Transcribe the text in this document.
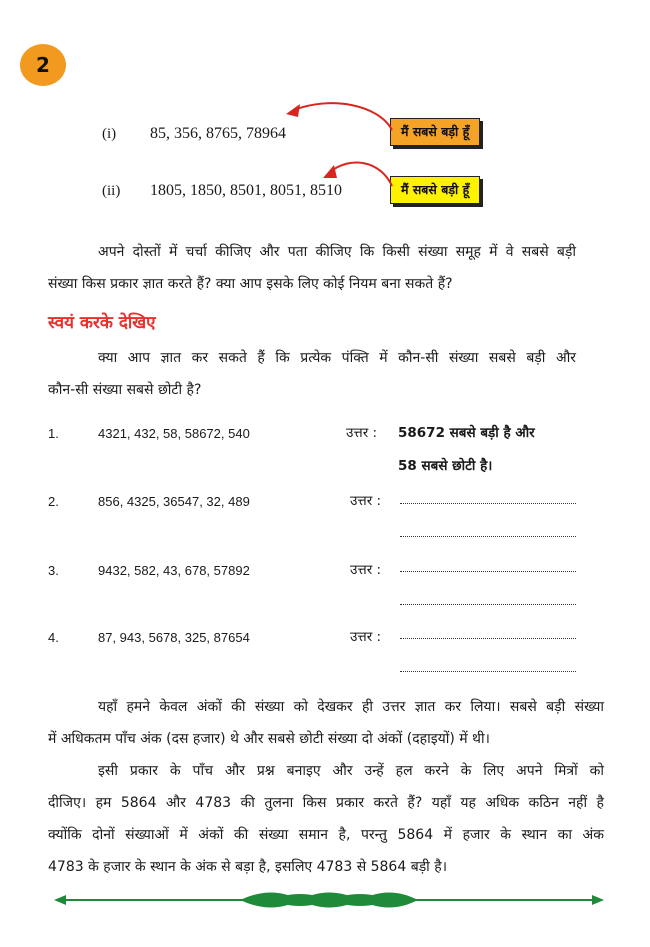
2
(i) 85, 356, 8765, 78964	मैं सबसे बड़ी हूँ
(ii) 1805, 1850, 8501, 8051, 8510	मैं सबसे बड़ी हूँ
अपने दोस्तों में चर्चा कीजिए और पता कीजिए कि किसी संख्या समूह में वे सबसे बड़ी
संख्या किस प्रकार ज्ञात करते हैं? क्या आप इसके लिए कोई नियम बना सकते हैं?
स्वयं करके देखिए
क्या आप ज्ञात कर सकते हैं कि प्रत्येक पंक्ति में कौन-सी संख्या सबसे बड़ी और
कौन-सी संख्या सबसे छोटी है?
1.	4321, 432, 58, 58672, 540	उत्तर : 58672 सबसे बड़ी है और
58 सबसे छोटी है।
2.	856, 4325, 36547, 32, 489	उत्तर :
3.	9432, 582, 43, 678, 57892	उत्तर :
4.	87, 943, 5678, 325, 87654	उत्तर :
यहाँ हमने केवल अंकों की संख्या को देखकर ही उत्तर ज्ञात कर लिया। सबसे बड़ी संख्या
में अधिकतम पाँच अंक (दस हजार) थे और सबसे छोटी संख्या दो अंकों (दहाइयों) में थी।
इसी प्रकार के पाँच और प्रश्न बनाइए और उन्हें हल करने के लिए अपने मित्रों को
दीजिए। हम 5864 और 4783 की तुलना किस प्रकार करते हैं? यहाँ यह अधिक कठिन नहीं है
क्योंकि दोनों संख्याओं में अंकों की संख्या समान है, परन्तु 5864 में हजार के स्थान का अंक
4783 के हजार के स्थान के अंक से बड़ा है, इसलिए 4783 से 5864 बड़ी है।
